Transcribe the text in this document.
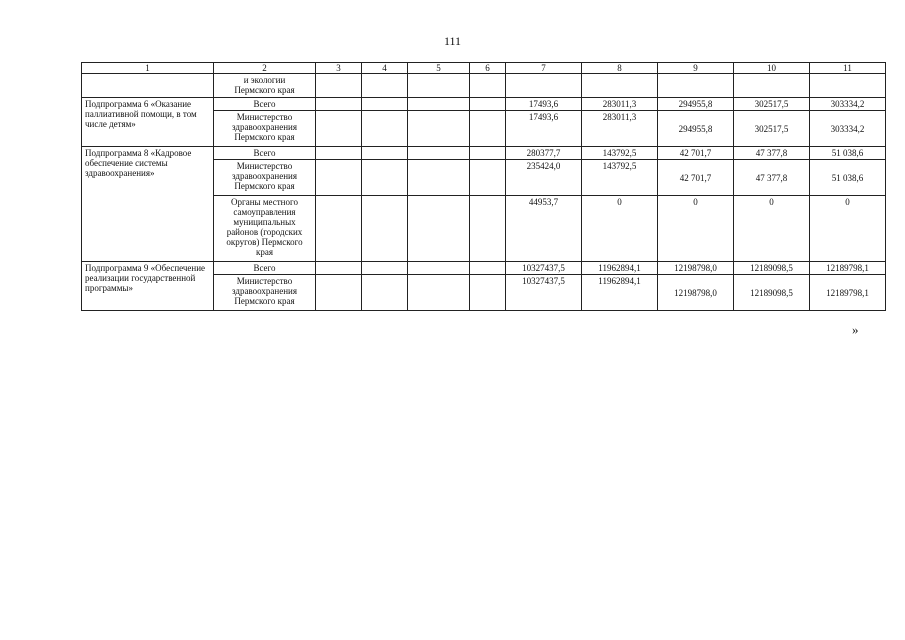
111
1	2	3	4	5	6	7	8	9	10	11

	и экологии
Пермского края									

Подпрограмма 6 «Оказание паллиативной помощи, в том числе детям»	Всего					17493,6	283011,3	294955,8	302517,5	303334,2
	Министерство здравоохранения Пермского края					17493,6	283011,3	294955,8	302517,5	303334,2
Подпрограмма 8 «Кадровое обеспечение системы здравоохранения»	Всего					280377,7	143792,5	42 701,7	47 377,8	51 038,6
	Министерство здравоохранения Пермского края					235424,0	143792,5	42 701,7	47 377,8	51 038,6
	Органы местного самоуправления муниципальных районов (городских округов) Пермского края					44953,7	0	0	0	0
Подпрограмма 9 «Обеспечение реализации государственной программы»	Всего					10327437,5	11962894,1	12198798,0	12189098,5	12189798,1
	Министерство здравоохранения Пермского края					10327437,5	11962894,1	12198798,0	12189098,5	12189798,1
»
